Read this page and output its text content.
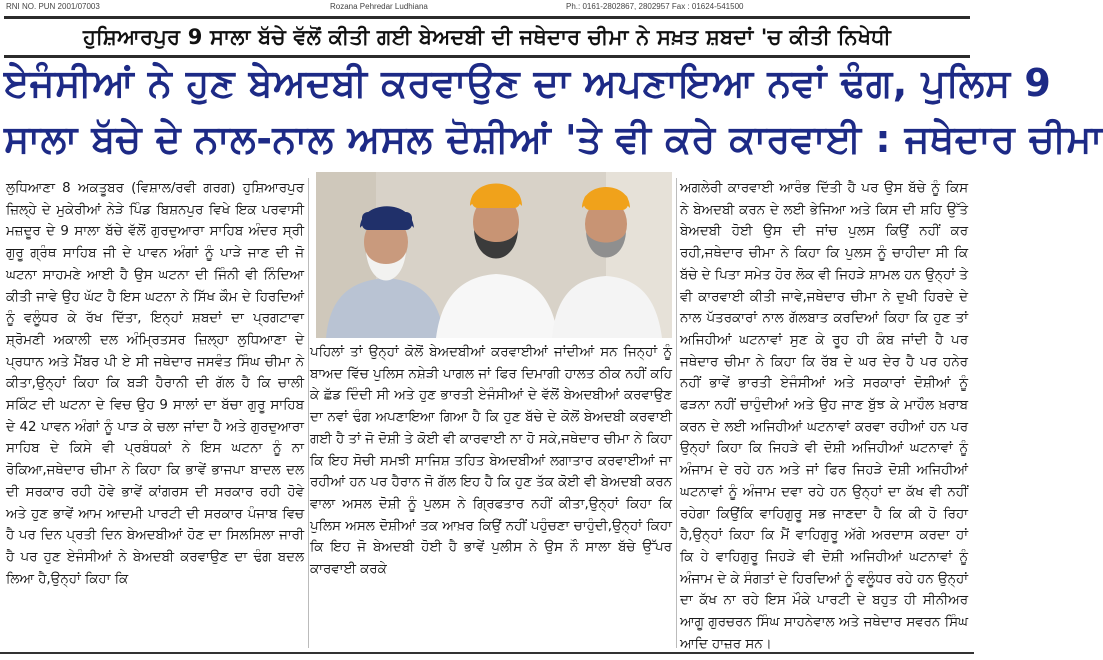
RNI NO. PUN 2001/07003	Rozana Pehredar Ludhiana	Ph.: 0161-2802867, 2802957 Fax : 01624-541500
ਹੁਸ਼ਿਆਰਪੁਰ 9 ਸਾਲਾ ਬੱਚੇ ਵੱਲੋਂ ਕੀਤੀ ਗਈ ਬੇਅਦਬੀ ਦੀ ਜਥੇਦਾਰ ਚੀਮਾ ਨੇ ਸਖ਼ਤ ਸ਼ਬਦਾਂ 'ਚ ਕੀਤੀ ਨਿਖੇਧੀ
ਏਜੰਸੀਆਂ ਨੇ ਹੁਣ ਬੇਅਦਬੀ ਕਰਵਾਉਣ ਦਾ ਅਪਣਾਇਆ ਨਵਾਂ ਢੰਗ, ਪੁਲਿਸ 9
ਸਾਲਾ ਬੱਚੇ ਦੇ ਨਾਲ-ਨਾਲ ਅਸਲ ਦੋਸ਼ੀਆਂ 'ਤੇ ਵੀ ਕਰੇ ਕਾਰਵਾਈ : ਜਥੇਦਾਰ ਚੀਮਾ
ਲੁਧਿਆਣਾ 8 ਅਕਤੂਬਰ (ਵਿਸ਼ਾਲ/ਰਵੀ ਗਰਗ) ਹੁਸ਼ਿਆਰਪੁਰ ਜ਼ਿਲ੍ਹੇ ਦੇ ਮੁਕੇਰੀਆਂ ਨੇੜੇ ਪਿੰਡ ਬਿਸ਼ਨਪੁਰ ਵਿਖੇ ਇਕ ਪਰਵਾਸੀ ਮਜ਼ਦੂਰ ਦੇ 9 ਸਾਲਾ ਬੱਚੇ ਵੱਲੋਂ ਗੁਰਦੁਆਰਾ ਸਾਹਿਬ ਅੰਦਰ ਸ੍ਰੀ ਗੁਰੂ ਗ੍ਰੰਥ ਸਾਹਿਬ ਜੀ ਦੇ ਪਾਵਨ ਅੰਗਾਂ ਨੂੰ ਪਾੜੇ ਜਾਣ ਦੀ ਜੋ ਘਟਨਾ ਸਾਹਮਣੇ ਆਈ ਹੈ ਉਸ ਘਟਨਾ ਦੀ ਜਿੰਨੀ ਵੀ ਨਿੰਦਿਆ ਕੀਤੀ ਜਾਵੇ ਉਹ ਘੱਟ ਹੈ ਇਸ ਘਟਨਾ ਨੇ ਸਿੱਖ ਕੌਮ ਦੇ ਹਿਰਦਿਆਂ ਨੂੰ ਵਲੂੰਧਰ ਕੇ ਰੱਖ ਦਿੱਤਾ, ਇਨ੍ਹਾਂ ਸ਼ਬਦਾਂ ਦਾ ਪ੍ਰਗਟਾਵਾ ਸ਼੍ਰੋਮਣੀ ਅਕਾਲੀ ਦਲ ਅੰਮ੍ਰਿਤਸਰ ਜ਼ਿਲ੍ਹਾ ਲੁਧਿਆਣਾ ਦੇ ਪ੍ਰਧਾਨ ਅਤੇ ਮੈਂਬਰ ਪੀ ਏ ਸੀ ਜਥੇਦਾਰ ਜਸਵੰਤ ਸਿੰਘ ਚੀਮਾ ਨੇ ਕੀਤਾ,ਉਨ੍ਹਾਂ ਕਿਹਾ ਕਿ ਬੜੀ ਹੈਰਾਨੀ ਦੀ ਗੱਲ ਹੈ ਕਿ ਚਾਲੀ ਸਕਿੰਟ ਦੀ ਘਟਨਾ ਦੇ ਵਿਚ ਉਹ 9 ਸਾਲਾਂ ਦਾ ਬੱਚਾ ਗੁਰੂ ਸਾਹਿਬ ਦੇ 42 ਪਾਵਨ ਅੰਗਾਂ ਨੂੰ ਪਾੜ ਕੇ ਚਲਾ ਜਾਂਦਾ ਹੈ ਅਤੇ ਗੁਰਦੁਆਰਾ ਸਾਹਿਬ ਦੇ ਕਿਸੇ ਵੀ ਪ੍ਰਬੰਧਕਾਂ ਨੇ ਇਸ ਘਟਨਾ ਨੂੰ ਨਾ ਰੋਕਿਆ,ਜਥੇਦਾਰ ਚੀਮਾ ਨੇ ਕਿਹਾ ਕਿ ਭਾਵੇਂ ਭਾਜਪਾ ਬਾਦਲ ਦਲ ਦੀ ਸਰਕਾਰ ਰਹੀ ਹੋਵੇ ਭਾਵੇਂ ਕਾਂਗਰਸ ਦੀ ਸਰਕਾਰ ਰਹੀ ਹੋਵੇ ਅਤੇ ਹੁਣ ਭਾਵੇਂ ਆਮ ਆਦਮੀ ਪਾਰਟੀ ਦੀ ਸਰਕਾਰ ਪੰਜਾਬ ਵਿਚ ਹੈ ਪਰ ਦਿਨ ਪ੍ਰਤੀ ਦਿਨ ਬੇਅਦਬੀਆਂ ਹੋਣ ਦਾ ਸਿਲਸਿਲਾ ਜਾਰੀ ਹੈ ਪਰ ਹੁਣ ਏਜੰਸੀਆਂ ਨੇ ਬੇਅਦਬੀ ਕਰਵਾਉਣ ਦਾ ਢੰਗ ਬਦਲ ਲਿਆ ਹੈ,ਉਨ੍ਹਾਂ ਕਿਹਾ ਕਿ
ਪਹਿਲਾਂ ਤਾਂ ਉਨ੍ਹਾਂ ਕੋਲੋਂ ਬੇਅਦਬੀਆਂ ਕਰਵਾਈਆਂ ਜਾਂਦੀਆਂ ਸਨ ਜਿਨ੍ਹਾਂ ਨੂੰ ਬਾਅਦ ਵਿੱਚ ਪੁਲਿਸ ਨਸ਼ੇੜੀ ਪਾਗਲ ਜਾਂ ਫਿਰ ਦਿਮਾਗੀ ਹਾਲਤ ਠੀਕ ਨਹੀਂ ਕਹਿ ਕੇ ਛੱਡ ਦਿੰਦੀ ਸੀ ਅਤੇ ਹੁਣ ਭਾਰਤੀ ਏਜੰਸੀਆਂ ਦੇ ਵੱਲੋਂ ਬੇਅਦਬੀਆਂ ਕਰਵਾਉਣ ਦਾ ਨਵਾਂ ਢੰਗ ਅਪਣਾਇਆ ਗਿਆ ਹੈ ਕਿ ਹੁਣ ਬੱਚੇ ਦੇ ਕੋਲੋਂ ਬੇਅਦਬੀ ਕਰਵਾਈ ਗਈ ਹੈ ਤਾਂ ਜੋ ਦੋਸ਼ੀ ਤੇ ਕੋਈ ਵੀ ਕਾਰਵਾਈ ਨਾ ਹੋ ਸਕੇ,ਜਥੇਦਾਰ ਚੀਮਾ ਨੇ ਕਿਹਾ ਕਿ ਇਹ ਸੋਚੀ ਸਮਝੀ ਸਾਜਿਸ਼ ਤਹਿਤ ਬੇਅਦਬੀਆਂ ਲਗਾਤਾਰ ਕਰਵਾਈਆਂ ਜਾ ਰਹੀਆਂ ਹਨ ਪਰ ਹੈਰਾਨ ਜੋ ਗੱਲ ਇਹ ਹੈ ਕਿ ਹੁਣ ਤੱਕ ਕੋਈ ਵੀ ਬੇਅਦਬੀ ਕਰਨ ਵਾਲਾ ਅਸਲ ਦੋਸ਼ੀ ਨੂੰ ਪੁਲਸ ਨੇ ਗ੍ਰਿਫਤਾਰ ਨਹੀਂ ਕੀਤਾ,ਉਨ੍ਹਾਂ ਕਿਹਾ ਕਿ ਪੁਲਿਸ ਅਸਲ ਦੋਸ਼ੀਆਂ ਤਕ ਆਖ਼ਰ ਕਿਉਂ ਨਹੀਂ ਪਹੁੰਚਣਾ ਚਾਹੁੰਦੀ,ਉਨ੍ਹਾਂ ਕਿਹਾ ਕਿ ਇਹ ਜੋ ਬੇਅਦਬੀ ਹੋਈ ਹੈ ਭਾਵੇਂ ਪੁਲੀਸ ਨੇ ਉਸ ਨੌ ਸਾਲਾ ਬੱਚੇ ਉੱਪਰ ਕਾਰਵਾਈ ਕਰਕੇ
ਅਗਲੇਰੀ ਕਾਰਵਾਈ ਆਰੰਭ ਦਿੱਤੀ ਹੈ ਪਰ ਉਸ ਬੱਚੇ ਨੂੰ ਕਿਸ ਨੇ ਬੇਅਦਬੀ ਕਰਨ ਦੇ ਲਈ ਭੇਜਿਆ ਅਤੇ ਕਿਸ ਦੀ ਸ਼ਹਿ ਉੱਤੇ ਬੇਅਦਬੀ ਹੋਈ ਉਸ ਦੀ ਜਾਂਚ ਪੁਲਸ ਕਿਉਂ ਨਹੀਂ ਕਰ ਰਹੀ,ਜਥੇਦਾਰ ਚੀਮਾ ਨੇ ਕਿਹਾ ਕਿ ਪੁਲਸ ਨੂੰ ਚਾਹੀਦਾ ਸੀ ਕਿ ਬੱਚੇ ਦੇ ਪਿਤਾ ਸਮੇਤ ਹੋਰ ਲੋਕ ਵੀ ਜਿਹੜੇ ਸ਼ਾਮਲ ਹਨ ਉਨ੍ਹਾਂ ਤੇ ਵੀ ਕਾਰਵਾਈ ਕੀਤੀ ਜਾਵੇ,ਜਥੇਦਾਰ ਚੀਮਾ ਨੇ ਦੁਖੀ ਹਿਰਦੇ ਦੇ ਨਾਲ ਪੱਤਰਕਾਰਾਂ ਨਾਲ ਗੱਲਬਾਤ ਕਰਦਿਆਂ ਕਿਹਾ ਕਿ ਹੁਣ ਤਾਂ ਅਜਿਹੀਆਂ ਘਟਨਾਵਾਂ ਸੁਣ ਕੇ ਰੂਹ ਹੀ ਕੰਬ ਜਾਂਦੀ ਹੈ ਪਰ ਜਥੇਦਾਰ ਚੀਮਾ ਨੇ ਕਿਹਾ ਕਿ ਰੱਬ ਦੇ ਘਰ ਦੇਰ ਹੈ ਪਰ ਹਨੇਰ ਨਹੀਂ ਭਾਵੇਂ ਭਾਰਤੀ ਏਜੰਸੀਆਂ ਅਤੇ ਸਰਕਾਰਾਂ ਦੋਸ਼ੀਆਂ ਨੂੰ ਫੜਨਾ ਨਹੀਂ ਚਾਹੁੰਦੀਆਂ ਅਤੇ ਉਹ ਜਾਣ ਬੁੱਝ ਕੇ ਮਾਹੌਲ ਖ਼ਰਾਬ ਕਰਨ ਦੇ ਲਈ ਅਜਿਹੀਆਂ ਘਟਨਾਵਾਂ ਕਰਵਾ ਰਹੀਆਂ ਹਨ ਪਰ ਉਨ੍ਹਾਂ ਕਿਹਾ ਕਿ ਜਿਹੜੇ ਵੀ ਦੋਸ਼ੀ ਅਜਿਹੀਆਂ ਘਟਨਾਵਾਂ ਨੂੰ ਅੰਜਾਮ ਦੇ ਰਹੇ ਹਨ ਅਤੇ ਜਾਂ ਫਿਰ ਜਿਹੜੇ ਦੋਸ਼ੀ ਅਜਿਹੀਆਂ ਘਟਨਾਵਾਂ ਨੂੰ ਅੰਜਾਮ ਦਵਾ ਰਹੇ ਹਨ ਉਨ੍ਹਾਂ ਦਾ ਕੱਖ ਵੀ ਨਹੀਂ ਰਹੇਗਾ ਕਿਉਂਕਿ ਵਾਹਿਗੁਰੂ ਸਭ ਜਾਣਦਾ ਹੈ ਕਿ ਕੀ ਹੋ ਰਿਹਾ ਹੈ,ਉਨ੍ਹਾਂ ਕਿਹਾ ਕਿ ਮੈਂ ਵਾਹਿਗੁਰੂ ਅੱਗੇ ਅਰਦਾਸ ਕਰਦਾ ਹਾਂ ਕਿ ਹੇ ਵਾਹਿਗੁਰੂ ਜਿਹੜੇ ਵੀ ਦੋਸ਼ੀ ਅਜਿਹੀਆਂ ਘਟਨਾਵਾਂ ਨੂੰ ਅੰਜਾਮ ਦੇ ਕੇ ਸੰਗਤਾਂ ਦੇ ਹਿਰਦਿਆਂ ਨੂੰ ਵਲੂੰਧਰ ਰਹੇ ਹਨ ਉਨ੍ਹਾਂ ਦਾ ਕੱਖ ਨਾ ਰਹੇ ਇਸ ਮੌਕੇ ਪਾਰਟੀ ਦੇ ਬਹੁਤ ਹੀ ਸੀਨੀਅਰ ਆਗੂ ਗੁਰਚਰਨ ਸਿੰਘ ਸਾਹਨੇਵਾਲ ਅਤੇ ਜਥੇਦਾਰ ਸਵਰਨ ਸਿੰਘ ਆਦਿ ਹਾਜ਼ਰ ਸਨ।
